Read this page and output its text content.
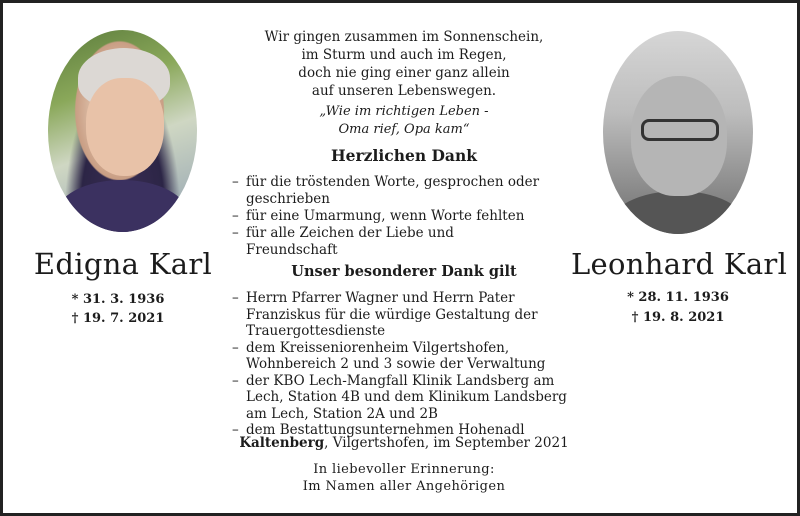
Edigna Karl
* 31. 3. 1936
† 19. 7. 2021
Leonhard Karl
* 28. 11. 1936
† 19. 8. 2021
Wir gingen zusammen im Sonnenschein,
im Sturm und auch im Regen,
doch nie ging einer ganz allein
auf unseren Lebenswegen.
„Wie im richtigen Leben -
Oma rief, Opa kam“
Herzlichen Dank
– für die tröstenden Worte, gesprochen oder geschrieben
– für eine Umarmung, wenn Worte fehlten
– für alle Zeichen der Liebe und Freundschaft
Unser besonderer Dank gilt
– Herrn Pfarrer Wagner und Herrn Pater Franziskus für die würdige Gestaltung der Trauergottesdienste
– dem Kreisseniorenheim Vilgertshofen, Wohnbereich 2 und 3 sowie der Verwaltung
– der KBO Lech-Mangfall Klinik Landsberg am Lech, Station 4B und dem Klinikum Landsberg am Lech, Station 2A und 2B
– dem Bestattungsunternehmen Hohenadl
Kaltenberg, Vilgertshofen, im September 2021
In liebevoller Erinnerung:
Im Namen aller Angehörigen
